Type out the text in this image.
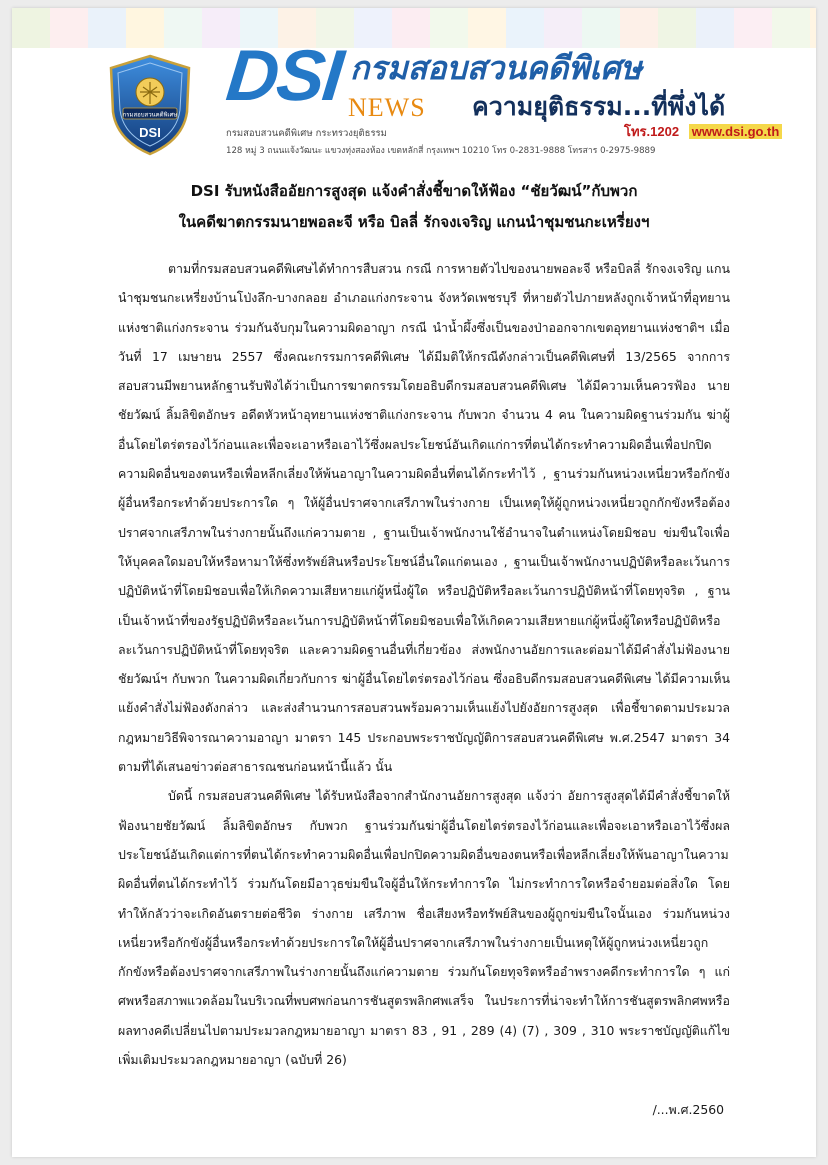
กรมสอบสวนคดีพิเศษ
DSI
DSI กรมสอบสวนคดีพิเศษ
NEWS ความยุติธรรม...ที่พึ่งได้
โทร.1202 www.dsi.go.th
กรมสอบสวนคดีพิเศษ กระทรวงยุติธรรม
128 หมู่ 3 ถนนแจ้งวัฒนะ แขวงทุ่งสองห้อง เขตหลักสี่ กรุงเทพฯ 10210 โทร 0-2831-9888 โทรสาร 0-2975-9889
DSI รับหนังสืออัยการสูงสุด แจ้งคำสั่งชี้ขาดให้ฟ้อง “ชัยวัฒน์”กับพวก
ในคดีฆาตกรรมนายพอละจี หรือ บิลลี่ รักจงเจริญ แกนนำชุมชนกะเหรี่ยงฯ

ตามที่กรมสอบสวนคดีพิเศษได้ทำการสืบสวน กรณี การหายตัวไปของนายพอละจี หรือบิลลี่ รักจงเจริญ แกนนำชุมชนกะเหรี่ยงบ้านโป่งลึก-บางกลอย อำเภอแก่งกระจาน จังหวัดเพชรบุรี ที่หายตัวไปภายหลังถูกเจ้าหน้าที่อุทยานแห่งชาติแก่งกระจาน ร่วมกันจับกุมในความผิดอาญา กรณี นำน้ำผึ้งซึ่งเป็นของป่าออกจากเขตอุทยานแห่งชาติฯ เมื่อวันที่ 17 เมษายน 2557 ซึ่งคณะกรรมการคดีพิเศษ ได้มีมติให้กรณีดังกล่าวเป็นคดีพิเศษที่ 13/2565 จากการสอบสวนมีพยานหลักฐานรับฟังได้ว่าเป็นการฆาตกรรมโดยอธิบดีกรมสอบสวนคดีพิเศษ ได้มีความเห็นควรฟ้อง นายชัยวัฒน์ ลิ้มลิขิตอักษร อดีตหัวหน้าอุทยานแห่งชาติแก่งกระจาน กับพวก จำนวน 4 คน ในความผิดฐานร่วมกัน ฆ่าผู้อื่นโดยไตร่ตรองไว้ก่อนและเพื่อจะเอาหรือเอาไว้ซึ่งผลประโยชน์อันเกิดแก่การที่ตนได้กระทำความผิดอื่นเพื่อปกปิดความผิดอื่นของตนหรือเพื่อหลีกเลี่ยงให้พ้นอาญาในความผิดอื่นที่ตนได้กระทำไว้ , ฐานร่วมกันหน่วงเหนี่ยวหรือกักขังผู้อื่นหรือกระทำด้วยประการใด ๆ ให้ผู้อื่นปราศจากเสรีภาพในร่างกาย เป็นเหตุให้ผู้ถูกหน่วงเหนี่ยวถูกกักขังหรือต้องปราศจากเสรีภาพในร่างกายนั้นถึงแก่ความตาย , ฐานเป็นเจ้าพนักงานใช้อำนาจในตำแหน่งโดยมิชอบ ข่มขืนใจเพื่อให้บุคคลใดมอบให้หรือหามาให้ซึ่งทรัพย์สินหรือประโยชน์อื่นใดแก่ตนเอง , ฐานเป็นเจ้าพนักงานปฏิบัติหรือละเว้นการปฏิบัติหน้าที่โดยมิชอบเพื่อให้เกิดความเสียหายแก่ผู้หนึ่งผู้ใด หรือปฏิบัติหรือละเว้นการปฏิบัติหน้าที่โดยทุจริต , ฐานเป็นเจ้าหน้าที่ของรัฐปฏิบัติหรือละเว้นการปฏิบัติหน้าที่โดยมิชอบเพื่อให้เกิดความเสียหายแก่ผู้หนึ่งผู้ใดหรือปฏิบัติหรือละเว้นการปฏิบัติหน้าที่โดยทุจริต และความผิดฐานอื่นที่เกี่ยวข้อง ส่งพนักงานอัยการและต่อมาได้มีคำสั่งไม่ฟ้องนายชัยวัฒน์ฯ กับพวก ในความผิดเกี่ยวกับการ ฆ่าผู้อื่นโดยไตร่ตรองไว้ก่อน ซึ่งอธิบดีกรมสอบสวนคดีพิเศษ ได้มีความเห็นแย้งคำสั่งไม่ฟ้องดังกล่าว และส่งสำนวนการสอบสวนพร้อมความเห็นแย้งไปยังอัยการสูงสุด เพื่อชี้ขาดตามประมวลกฎหมายวิธีพิจารณาความอาญา มาตรา 145 ประกอบพระราชบัญญัติการสอบสวนคดีพิเศษ พ.ศ.2547 มาตรา 34 ตามที่ได้เสนอข่าวต่อสาธารณชนก่อนหน้านี้แล้ว นั้น

บัดนี้ กรมสอบสวนคดีพิเศษ ได้รับหนังสือจากสำนักงานอัยการสูงสุด แจ้งว่า อัยการสูงสุดได้มีคำสั่งชี้ขาดให้ฟ้องนายชัยวัฒน์ ลิ้มลิขิตอักษร กับพวก ฐานร่วมกันฆ่าผู้อื่นโดยไตร่ตรองไว้ก่อนและเพื่อจะเอาหรือเอาไว้ซึ่งผลประโยชน์อันเกิดแต่การที่ตนได้กระทำความผิดอื่นเพื่อปกปิดความผิดอื่นของตนหรือเพื่อหลีกเลี่ยงให้พ้นอาญาในความผิดอื่นที่ตนได้กระทำไว้ ร่วมกันโดยมีอาวุธข่มขืนใจผู้อื่นให้กระทำการใด ไม่กระทำการใดหรือจำยอมต่อสิ่งใด โดยทำให้กลัวว่าจะเกิดอันตรายต่อชีวิต ร่างกาย เสรีภาพ ชื่อเสียงหรือทรัพย์สินของผู้ถูกข่มขืนใจนั้นเอง ร่วมกันหน่วงเหนี่ยวหรือกักขังผู้อื่นหรือกระทำด้วยประการใดให้ผู้อื่นปราศจากเสรีภาพในร่างกายเป็นเหตุให้ผู้ถูกหน่วงเหนี่ยวถูกกักขังหรือต้องปราศจากเสรีภาพในร่างกายนั้นถึงแก่ความตาย ร่วมกันโดยทุจริตหรืออำพรางคดีกระทำการใด ๆ แก่ศพหรือสภาพแวดล้อมในบริเวณที่พบศพก่อนการชันสูตรพลิกศพเสร็จ ในประการที่น่าจะทำให้การชันสูตรพลิกศพหรือผลทางคดีเปลี่ยนไปตามประมวลกฎหมายอาญา มาตรา 83 , 91 , 289 (4) (7) , 309 , 310 พระราชบัญญัติแก้ไขเพิ่มเติมประมวลกฎหมายอาญา (ฉบับที่ 26)

/...พ.ศ.2560
